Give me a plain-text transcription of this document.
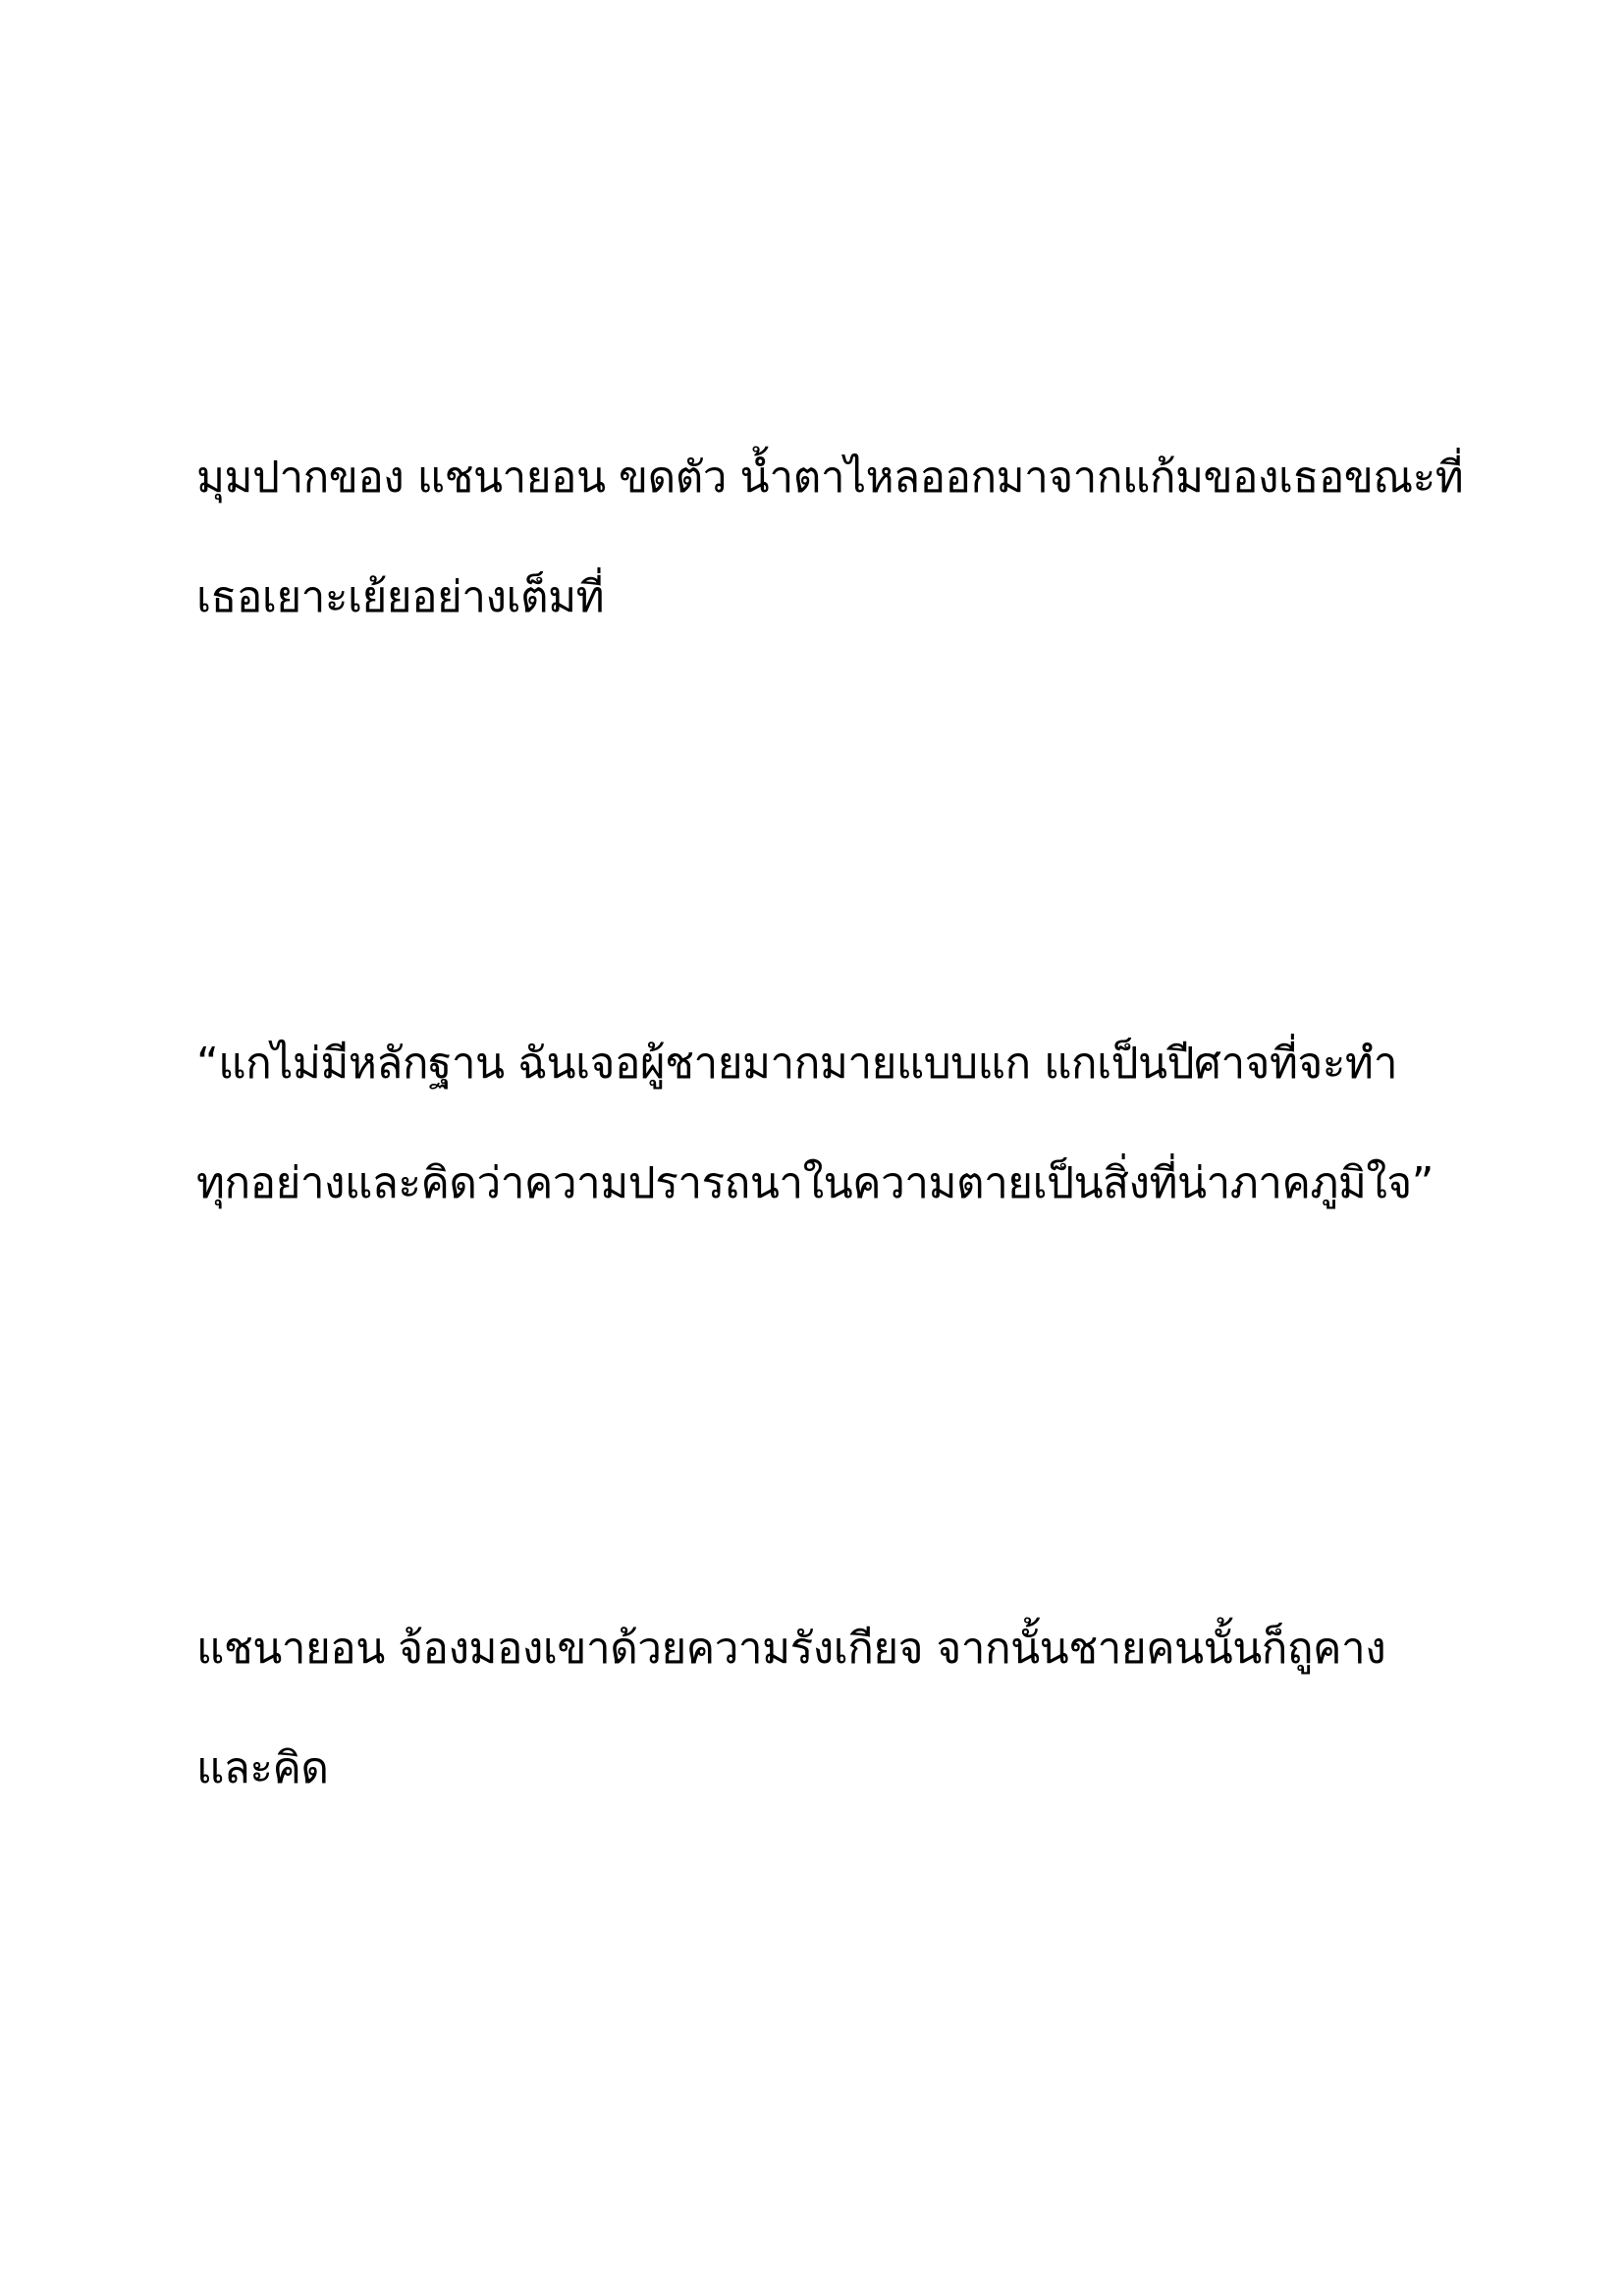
มุมปากของ แชนายอน ขดตัว น้ำตาไหลออกมาจากแก้มของเธอขณะที่
เธอเยาะเย้ยอย่างเต็มที่

“แกไม่มีหลักฐาน ฉันเจอผู้ชายมากมายแบบแก แกเป็นปีศาจที่จะทำ
ทุกอย่างและคิดว่าความปรารถนาในความตายเป็นสิ่งที่น่าภาคภูมิใจ”

แชนายอน จ้องมองเขาด้วยความรังเกียจ จากนั้นชายคนนั้นก็ถูคาง
และคิด
